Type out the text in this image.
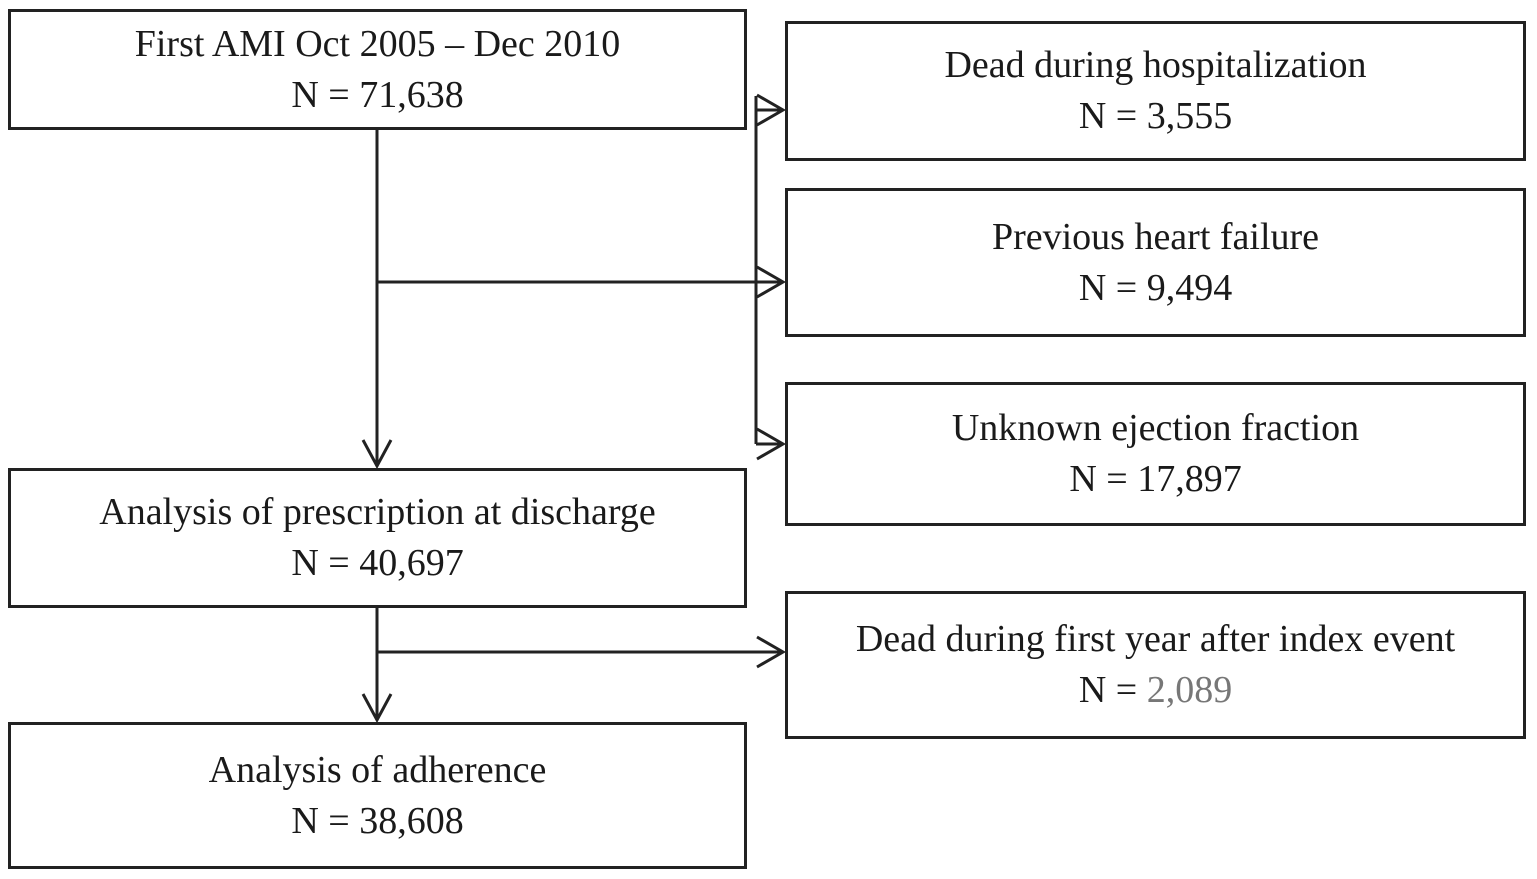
First AMI Oct 2005 – Dec 2010
N = 71,638
Analysis of prescription at discharge
N = 40,697
Analysis of adherence
N = 38,608
Dead during hospitalization
N = 3,555
Previous heart failure
N = 9,494
Unknown ejection fraction
N = 17,897
Dead during first year after index event
N = 2,089
